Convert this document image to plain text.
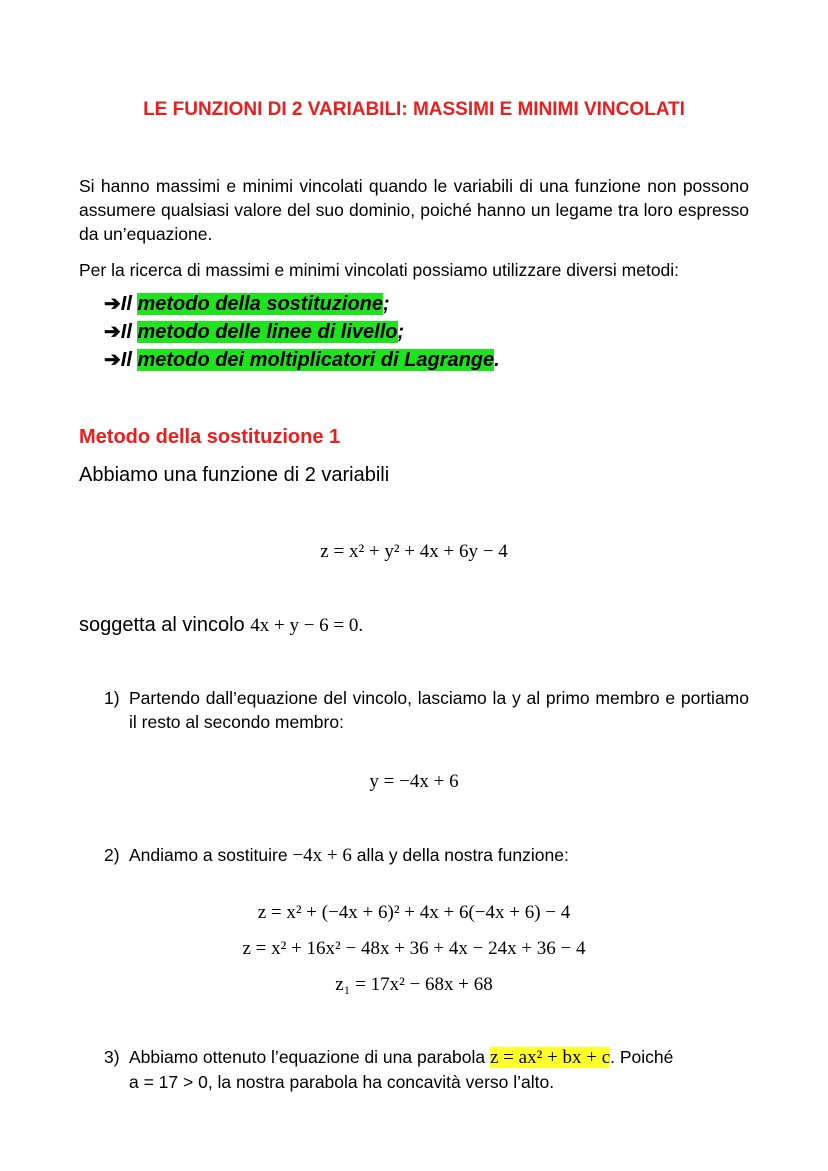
LE FUNZIONI DI 2 VARIABILI: MASSIMI E MINIMI VINCOLATI
Si hanno massimi e minimi vincolati quando le variabili di una funzione non possono assumere qualsiasi valore del suo dominio, poiché hanno un legame tra loro espresso da un’equazione.
Per la ricerca di massimi e minimi vincolati possiamo utilizzare diversi metodi:
➔Il metodo della sostituzione;
➔Il metodo delle linee di livello;
➔Il metodo dei moltiplicatori di Lagrange.
Metodo della sostituzione 1
Abbiamo una funzione di 2 variabili
z = x² + y² + 4x + 6y − 4
soggetta al vincolo 4x + y − 6 = 0.
1) Partendo dall’equazione del vincolo, lasciamo la y al primo membro e portiamo il resto al secondo membro:
y = −4x + 6
2) Andiamo a sostituire −4x + 6 alla y della nostra funzione:
z = x² + (−4x + 6)² + 4x + 6(−4x + 6) − 4
z = x² + 16x² − 48x + 36 + 4x − 24x + 36 − 4
z₁ = 17x² − 68x + 68
3) Abbiamo ottenuto l’equazione di una parabola z = ax² + bx + c. Poiché
a = 17 > 0, la nostra parabola ha concavità verso l’alto.
